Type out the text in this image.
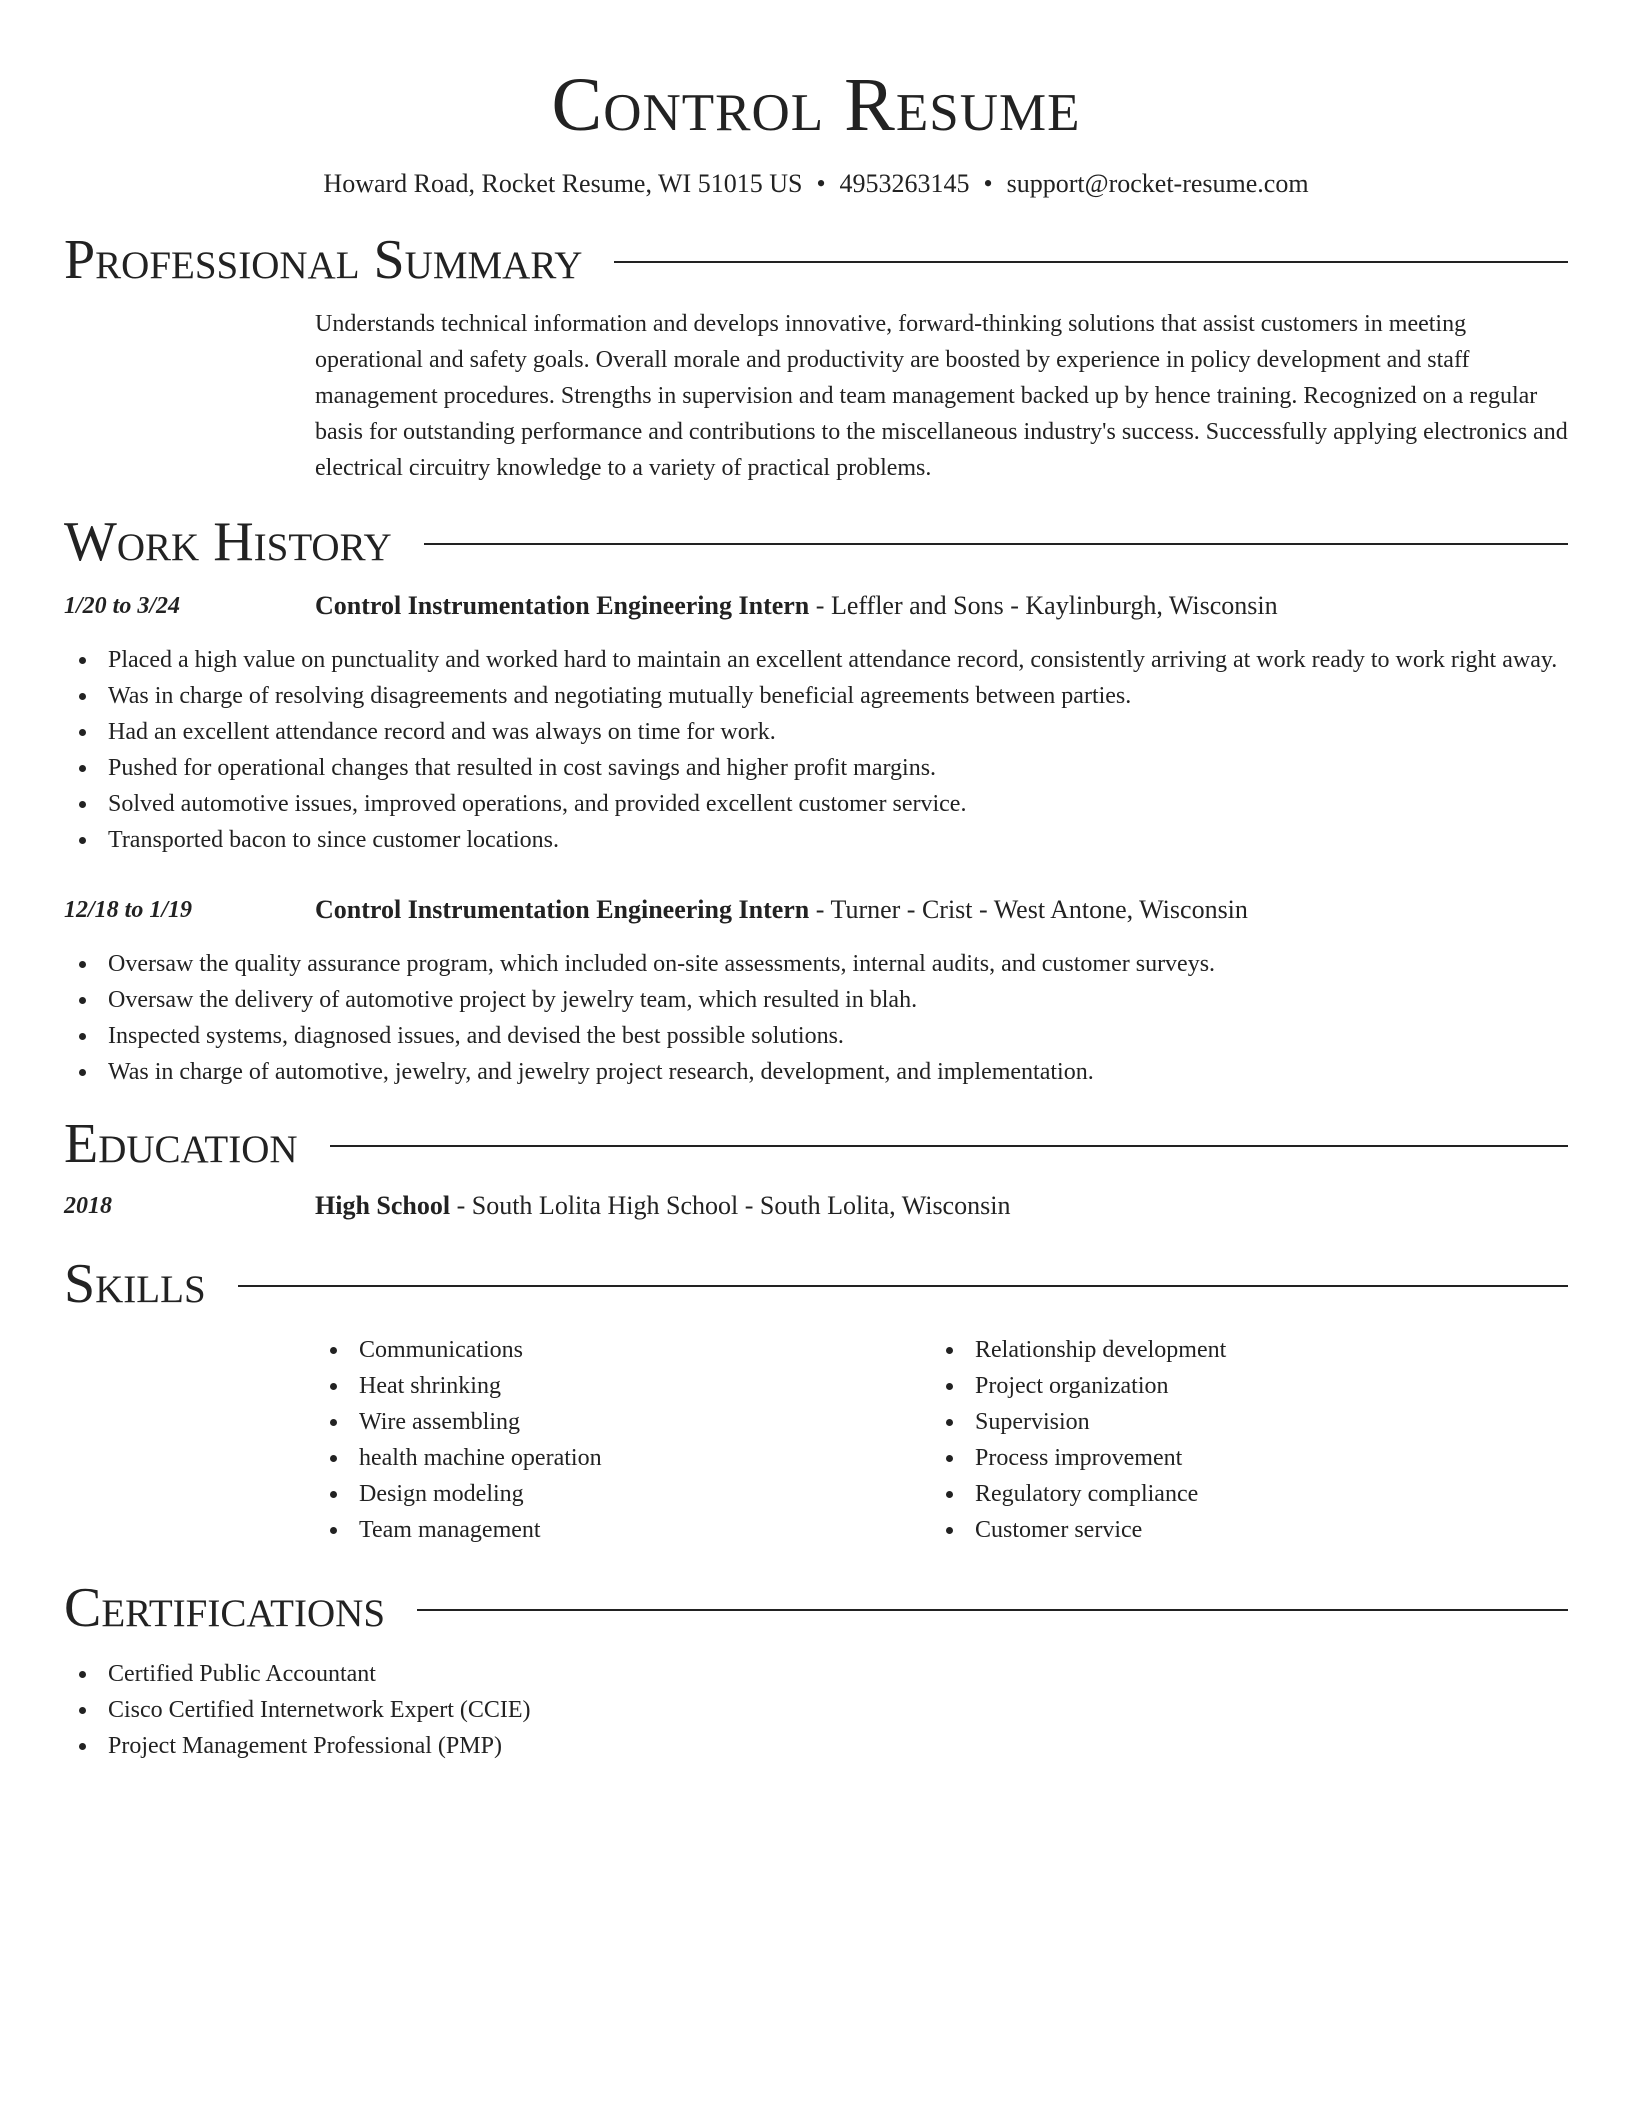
Control Resume
Howard Road, Rocket Resume, WI 51015 US • 4953263145 • support@rocket-resume.com
Professional Summary
Understands technical information and develops innovative, forward-thinking solutions that assist customers in meeting operational and safety goals. Overall morale and productivity are boosted by experience in policy development and staff management procedures. Strengths in supervision and team management backed up by hence training. Recognized on a regular basis for outstanding performance and contributions to the miscellaneous industry's success. Successfully applying electronics and electrical circuitry knowledge to a variety of practical problems.
Work History
1/20 to 3/24	Control Instrumentation Engineering Intern - Leffler and Sons - Kaylinburgh, Wisconsin
Placed a high value on punctuality and worked hard to maintain an excellent attendance record, consistently arriving at work ready to work right away.
Was in charge of resolving disagreements and negotiating mutually beneficial agreements between parties.
Had an excellent attendance record and was always on time for work.
Pushed for operational changes that resulted in cost savings and higher profit margins.
Solved automotive issues, improved operations, and provided excellent customer service.
Transported bacon to since customer locations.
12/18 to 1/19	Control Instrumentation Engineering Intern - Turner - Crist - West Antone, Wisconsin
Oversaw the quality assurance program, which included on-site assessments, internal audits, and customer surveys.
Oversaw the delivery of automotive project by jewelry team, which resulted in blah.
Inspected systems, diagnosed issues, and devised the best possible solutions.
Was in charge of automotive, jewelry, and jewelry project research, development, and implementation.
Education
2018	High School - South Lolita High School - South Lolita, Wisconsin
Skills
Communications
Heat shrinking
Wire assembling
health machine operation
Design modeling
Team management
Relationship development
Project organization
Supervision
Process improvement
Regulatory compliance
Customer service
Certifications
Certified Public Accountant
Cisco Certified Internetwork Expert (CCIE)
Project Management Professional (PMP)
